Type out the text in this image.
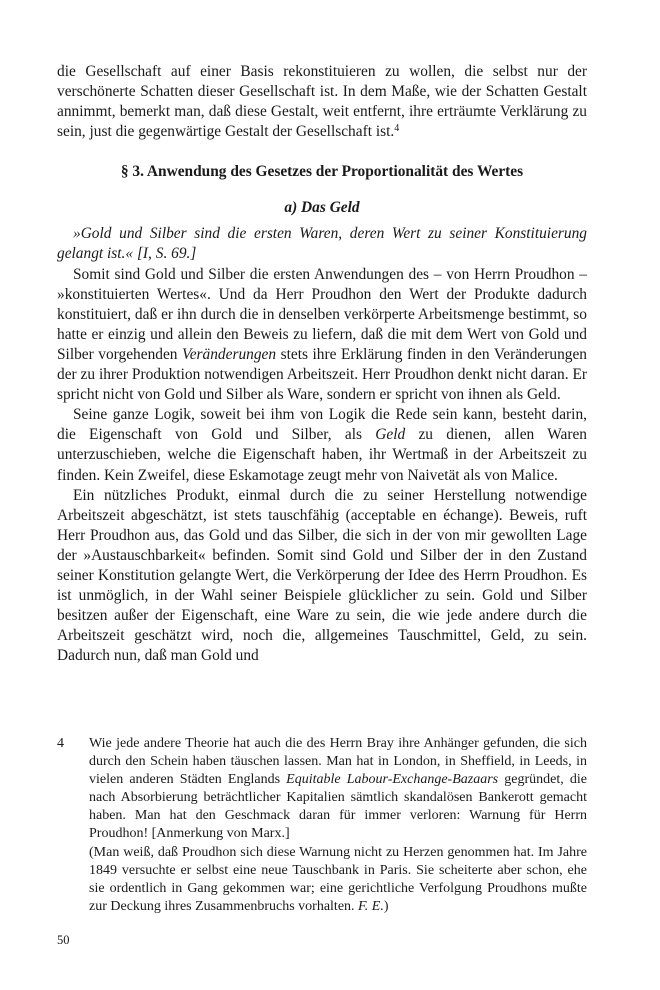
die Gesellschaft auf einer Basis rekonstituieren zu wollen, die selbst nur der verschönerte Schatten dieser Gesellschaft ist. In dem Maße, wie der Schatten Gestalt annimmt, bemerkt man, daß diese Gestalt, weit entfernt, ihre erträumte Verklärung zu sein, just die gegenwärtige Gestalt der Gesellschaft ist.$^4$

§ 3. Anwendung des Gesetzes der Proportionalität des Wertes

a) Das Geld

»Gold und Silber sind die ersten Waren, deren Wert zu seiner Konstituierung gelangt ist.« [I, S. 69.]

Somit sind Gold und Silber die ersten Anwendungen des – von Herrn Proudhon – »konstituierten Wertes«. Und da Herr Proudhon den Wert der Produkte dadurch konstituiert, daß er ihn durch die in denselben verkörperte Arbeitsmenge bestimmt, so hatte er einzig und allein den Beweis zu liefern, daß die mit dem Wert von Gold und Silber vorgehenden Veränderungen stets ihre Erklärung finden in den Veränderungen der zu ihrer Produktion notwendigen Arbeitszeit. Herr Proudhon denkt nicht daran. Er spricht nicht von Gold und Silber als Ware, sondern er spricht von ihnen als Geld.

Seine ganze Logik, soweit bei ihm von Logik die Rede sein kann, besteht darin, die Eigenschaft von Gold und Silber, als Geld zu dienen, allen Waren unterzuschieben, welche die Eigenschaft haben, ihr Wertmaß in der Arbeitszeit zu finden. Kein Zweifel, diese Eskamotage zeugt mehr von Naivetät als von Malice.

Ein nützliches Produkt, einmal durch die zu seiner Herstellung notwendige Arbeitszeit abgeschätzt, ist stets tauschfähig (acceptable en échange). Beweis, ruft Herr Proudhon aus, das Gold und das Silber, die sich in der von mir gewollten Lage der »Austauschbarkeit« befinden. Somit sind Gold und Silber der in den Zustand seiner Konstitution gelangte Wert, die Verkörperung der Idee des Herrn Proudhon. Es ist unmöglich, in der Wahl seiner Beispiele glücklicher zu sein. Gold und Silber besitzen außer der Eigenschaft, eine Ware zu sein, die wie jede andere durch die Arbeitszeit geschätzt wird, noch die, allgemeines Tauschmittel, Geld, zu sein. Dadurch nun, daß man Gold und

4	Wie jede andere Theorie hat auch die des Herrn Bray ihre Anhänger gefunden, die sich durch den Schein haben täuschen lassen. Man hat in London, in Sheffield, in Leeds, in vielen anderen Städten Englands Equitable Labour-Exchange-Bazaars gegründet, die nach Absorbierung beträchtlicher Kapitalien sämtlich skandalösen Bankerott gemacht haben. Man hat den Geschmack daran für immer verloren: Warnung für Herrn Proudhon! [Anmerkung von Marx.]

(Man weiß, daß Proudhon sich diese Warnung nicht zu Herzen genommen hat. Im Jahre 1849 versuchte er selbst eine neue Tauschbank in Paris. Sie scheiterte aber schon, ehe sie ordentlich in Gang gekommen war; eine gerichtliche Verfolgung Proudhons mußte zur Deckung ihres Zusammenbruchs vorhalten. F. E.)

50
